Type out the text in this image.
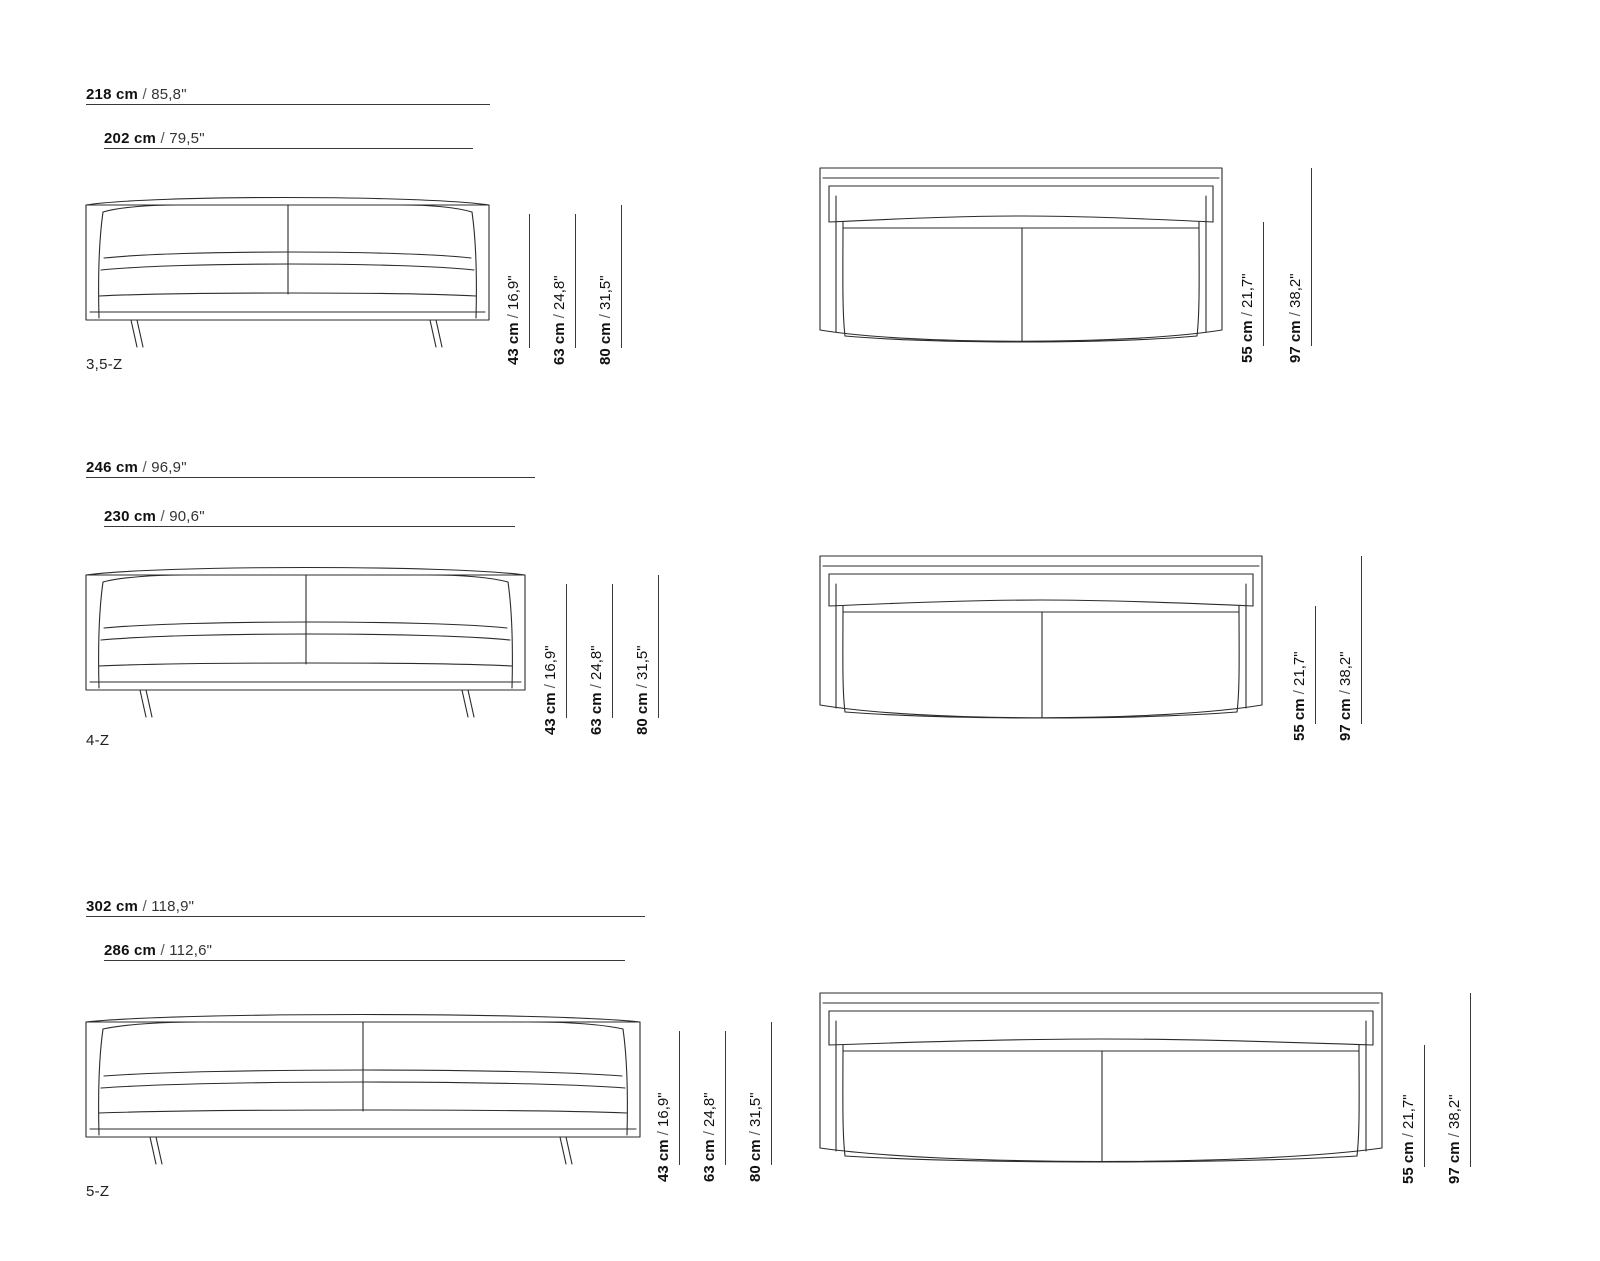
218 cm / 85,8"
202 cm / 79,5"
43 cm / 16,9"
63 cm / 24,8"
80 cm / 31,5"
55 cm / 21,7"
97 cm / 38,2"
3,5-Z
246 cm / 96,9"
230 cm / 90,6"
43 cm / 16,9"
63 cm / 24,8"
80 cm / 31,5"
55 cm / 21,7"
97 cm / 38,2"
4-Z
302 cm / 118,9"
286 cm / 112,6"
43 cm / 16,9"
63 cm / 24,8"
80 cm / 31,5"
55 cm / 21,7"
97 cm / 38,2"
5-Z
